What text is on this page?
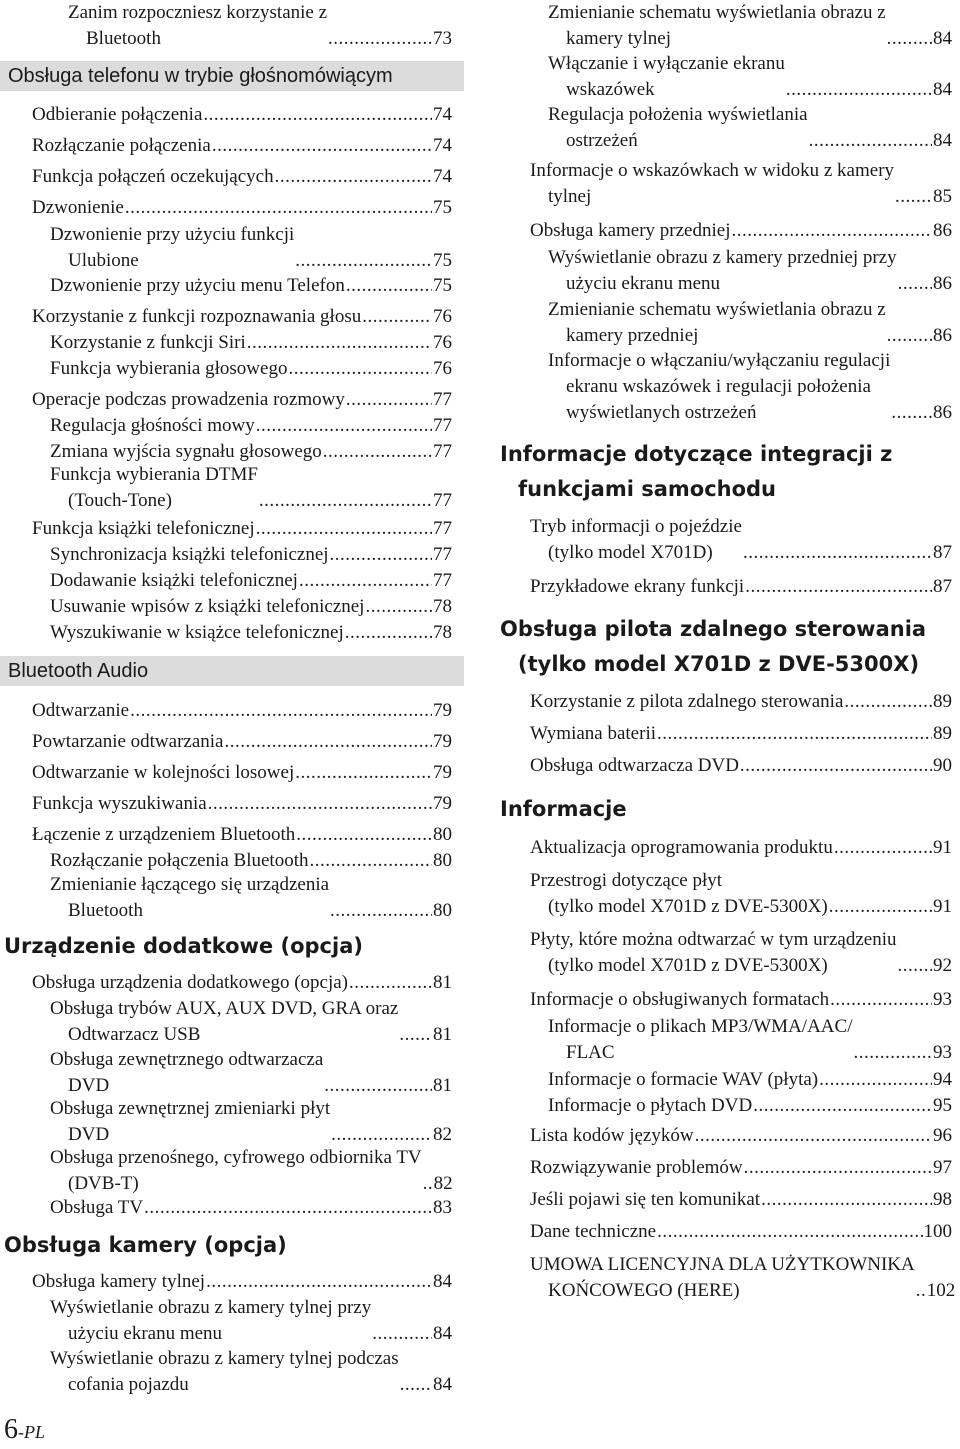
Zanim rozpoczniesz korzystanie z
Bluetooth .....	73
Obsługa telefonu w trybie głośnomówiącym
Odbieranie połączenia .....	74
Rozłączanie połączenia .....	74
Funkcja połączeń oczekujących .....	74
Dzwonienie .....	75
Dzwonienie przy użyciu funkcji
Ulubione .....	75
Dzwonienie przy użyciu menu Telefon .....	75
Korzystanie z funkcji rozpoznawania głosu .....	76
Korzystanie z funkcji Siri .....	76
Funkcja wybierania głosowego .....	76
Operacje podczas prowadzenia rozmowy .....	77
Regulacja głośności mowy .....	77
Zmiana wyjścia sygnału głosowego .....	77
Funkcja wybierania DTMF
(Touch-Tone) .....	77
Funkcja książki telefonicznej .....	77
Synchronizacja książki telefonicznej .....	77
Dodawanie książki telefonicznej .....	77
Usuwanie wpisów z książki telefonicznej .....	78
Wyszukiwanie w książce telefonicznej .....	78
Bluetooth Audio
Odtwarzanie .....	79
Powtarzanie odtwarzania .....	79
Odtwarzanie w kolejności losowej .....	79
Funkcja wyszukiwania .....	79
Łączenie z urządzeniem Bluetooth .....	80
Rozłączanie połączenia Bluetooth .....	80
Zmienianie łączącego się urządzenia
Bluetooth .....	80
Urządzenie dodatkowe (opcja)
Obsługa urządzenia dodatkowego (opcja) .....	81
Obsługa trybów AUX, AUX DVD, GRA oraz
Odtwarzacz USB .....	81
Obsługa zewnętrznego odtwarzacza
DVD .....	81
Obsługa zewnętrznej zmieniarki płyt
DVD .....	82
Obsługa przenośnego, cyfrowego odbiornika TV
(DVB-T) .....	82
Obsługa TV .....	83
Obsługa kamery (opcja)
Obsługa kamery tylnej .....	84
Wyświetlanie obrazu z kamery tylnej przy
użyciu ekranu menu .....	84
Wyświetlanie obrazu z kamery tylnej podczas
cofania pojazdu .....	84
Zmienianie schematu wyświetlania obrazu z
kamery tylnej .....	84
Włączanie i wyłączanie ekranu
wskazówek .....	84
Regulacja położenia wyświetlania
ostrzeżeń .....	84
Informacje o wskazówkach w widoku z kamery
tylnej .....	85
Obsługa kamery przedniej .....	86
Wyświetlanie obrazu z kamery przedniej przy
użyciu ekranu menu .....	86
Zmienianie schematu wyświetlania obrazu z
kamery przedniej .....	86
Informacje o włączaniu/wyłączaniu regulacji
ekranu wskazówek i regulacji położenia
wyświetlanych ostrzeżeń .....	86
Informacje dotyczące integracji z
funkcjami samochodu
Tryb informacji o pojeździe
(tylko model X701D) .....	87
Przykładowe ekrany funkcji .....	87
Obsługa pilota zdalnego sterowania
(tylko model X701D z DVE-5300X)
Korzystanie z pilota zdalnego sterowania .....	89
Wymiana baterii .....	89
Obsługa odtwarzacza DVD .....	90
Informacje
Aktualizacja oprogramowania produktu .....	91
Przestrogi dotyczące płyt
(tylko model X701D z DVE-5300X) .....	91
Płyty, które można odtwarzać w tym urządzeniu
(tylko model X701D z DVE-5300X) .....	92
Informacje o obsługiwanych formatach .....	93
Informacje o plikach MP3/WMA/AAC/
FLAC .....	93
Informacje o formacie WAV (płyta) .....	94
Informacje o płytach DVD .....	95
Lista kodów języków .....	96
Rozwiązywanie problemów .....	97
Jeśli pojawi się ten komunikat .....	98
Dane techniczne .....	100
UMOWA LICENCYJNA DLA UŻYTKOWNIKA
KOŃCOWEGO (HERE) .....	102
6-PL
